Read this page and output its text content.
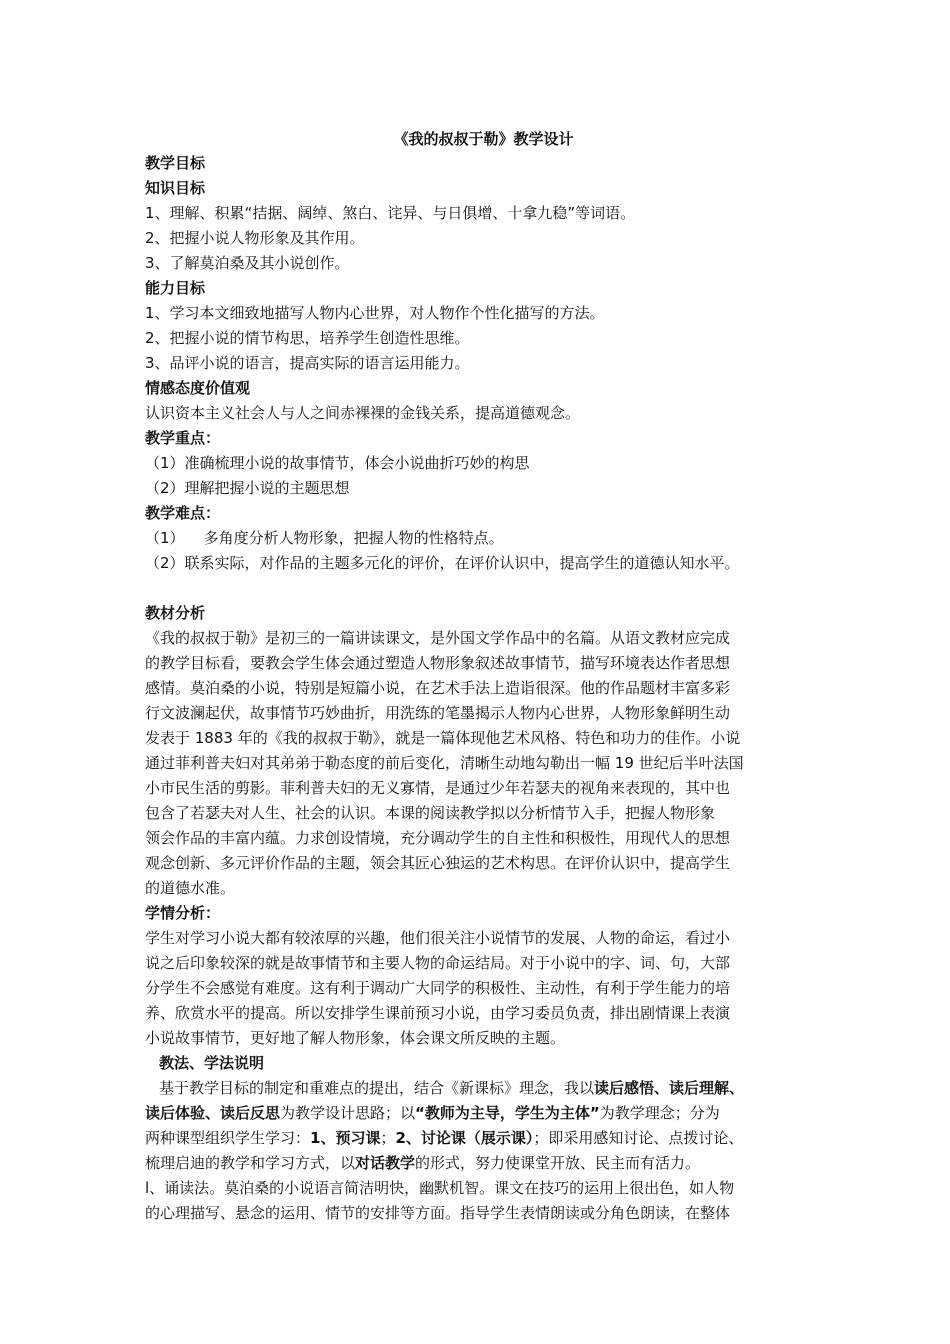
《我的叔叔于勒》教学设计

教学目标

知识目标

1、理解、积累“拮据、阔绰、煞白、诧异、与日俱增、十拿九稳”等词语。

2、把握小说人物形象及其作用。

3、了解莫泊桑及其小说创作。

能力目标

1、学习本文细致地描写人物内心世界，对人物作个性化描写的方法。

2、把握小说的情节构思，培养学生创造性思维。

3、品评小说的语言，提高实际的语言运用能力。

情感态度价值观

认识资本主义社会人与人之间赤裸裸的金钱关系，提高道德观念。

教学重点：

（1）准确梳理小说的故事情节，体会小说曲折巧妙的构思

（2）理解把握小说的主题思想

教学难点：

（1）    多角度分析人物形象，把握人物的性格特点。

（2）联系实际，对作品的主题多元化的评价，在评价认识中，提高学生的道德认知水平。

教材分析

《我的叔叔于勒》是初三的一篇讲读课文，是外国文学作品中的名篇。从语文教材应完成

的教学目标看，要教会学生体会通过塑造人物形象叙述故事情节，描写环境表达作者思想

感情。莫泊桑的小说，特别是短篇小说，在艺术手法上造诣很深。他的作品题材丰富多彩

行文波澜起伏，故事情节巧妙曲折，用洗练的笔墨揭示人物内心世界，人物形象鲜明生动

发表于 1883 年的《我的叔叔于勒》，就是一篇体现他艺术风格、特色和功力的佳作。小说

通过菲利普夫妇对其弟弟于勒态度的前后变化，清晰生动地勾勒出一幅 19 世纪后半叶法国

小市民生活的剪影。菲利普夫妇的无义寡情，是通过少年若瑟夫的视角来表现的，其中也

包含了若瑟夫对人生、社会的认识。本课的阅读教学拟以分析情节入手，把握人物形象

领会作品的丰富内蕴。力求创设情境，充分调动学生的自主性和积极性，用现代人的思想

观念创新、多元评价作品的主题，领会其匠心独运的艺术构思。在评价认识中，提高学生

的道德水准。

学情分析：

学生对学习小说大都有较浓厚的兴趣，他们很关注小说情节的发展、人物的命运，看过小

说之后印象较深的就是故事情节和主要人物的命运结局。对于小说中的字、词、句，大部

分学生不会感觉有难度。这有利于调动广大同学的积极性、主动性，有利于学生能力的培

养、欣赏水平的提高。所以安排学生课前预习小说，由学习委员负责，排出剧情课上表演

小说故事情节，更好地了解人物形象，体会课文所反映的主题。

教法、学法说明

基于教学目标的制定和重难点的提出，结合《新课标》理念，我以读后感悟、读后理解、

读后体验、读后反思为教学设计思路；以“教师为主导，学生为主体”为教学理念；分为

两种课型组织学生学习：1、预习课；2、讨论课（展示课）；即采用感知讨论、点拨讨论、

梳理启迪的教学和学习方式，以对话教学的形式，努力使课堂开放、民主而有活力。

l、诵读法。莫泊桑的小说语言简洁明快，幽默机智。课文在技巧的运用上很出色，如人物

的心理描写、悬念的运用、情节的安排等方面。指导学生表情朗读或分角色朗读，在整体
